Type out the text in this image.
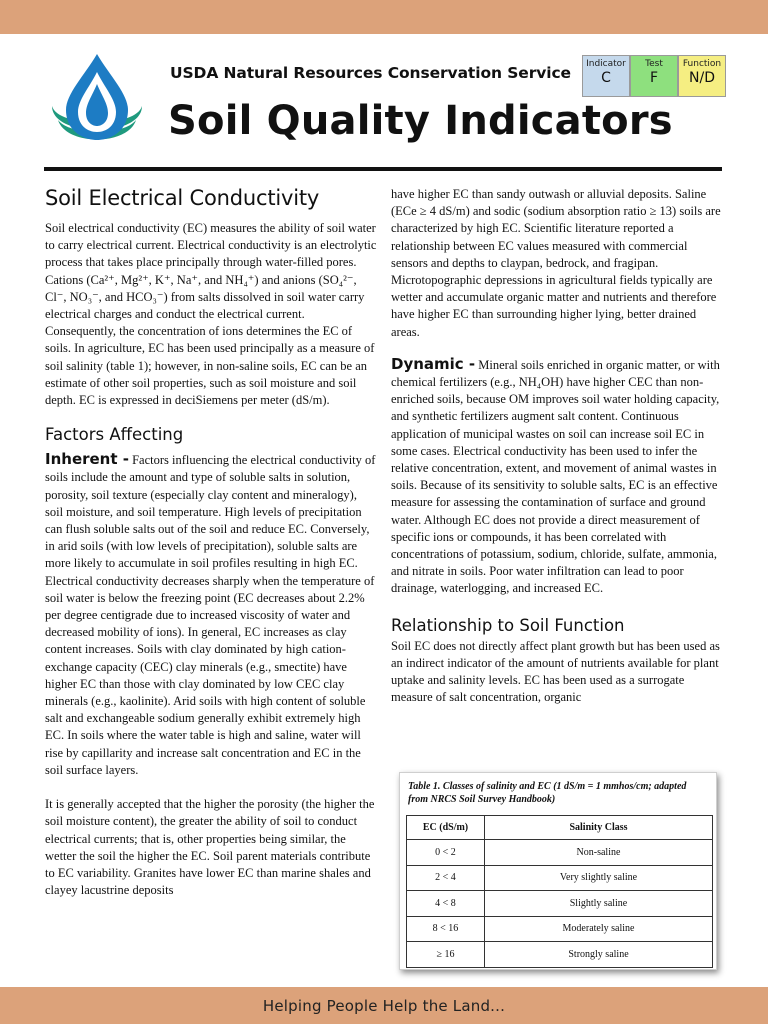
USDA Natural Resources Conservation Service
Soil Quality Indicators
Indicator
C
Test
F
Function
N/D
Soil Electrical Conductivity

Soil electrical conductivity (EC) measures the ability of soil water to carry electrical current. Electrical conductivity is an electrolytic process that takes place principally through water-filled pores. Cations (Ca²⁺, Mg²⁺, K⁺, Na⁺, and NH₄⁺) and anions (SO₄²⁻, Cl⁻, NO₃⁻, and HCO₃⁻) from salts dissolved in soil water carry electrical charges and conduct the electrical current. Consequently, the concentration of ions determines the EC of soils. In agriculture, EC has been used principally as a measure of soil salinity (table 1); however, in non-saline soils, EC can be an estimate of other soil properties, such as soil moisture and soil depth. EC is expressed in deciSiemens per meter (dS/m).

Factors Affecting

Inherent - Factors influencing the electrical conductivity of soils include the amount and type of soluble salts in solution, porosity, soil texture (especially clay content and mineralogy), soil moisture, and soil temperature. High levels of precipitation can flush soluble salts out of the soil and reduce EC. Conversely, in arid soils (with low levels of precipitation), soluble salts are more likely to accumulate in soil profiles resulting in high EC. Electrical conductivity decreases sharply when the temperature of soil water is below the freezing point (EC decreases about 2.2% per degree centigrade due to increased viscosity of water and decreased mobility of ions). In general, EC increases as clay content increases. Soils with clay dominated by high cation-exchange capacity (CEC) clay minerals (e.g., smectite) have higher EC than those with clay dominated by low CEC clay minerals (e.g., kaolinite). Arid soils with high content of soluble salt and exchangeable sodium generally exhibit extremely high EC. In soils where the water table is high and saline, water will rise by capillarity and increase salt concentration and EC in the soil surface layers.

It is generally accepted that the higher the porosity (the higher the soil moisture content), the greater the ability of soil to conduct electrical currents; that is, other properties being similar, the wetter the soil the higher the EC. Soil parent materials contribute to EC variability. Granites have lower EC than marine shales and clayey lacustrine deposits

have higher EC than sandy outwash or alluvial deposits. Saline (ECe ≥ 4 dS/m) and sodic (sodium absorption ratio ≥ 13) soils are characterized by high EC. Scientific literature reported a relationship between EC values measured with commercial sensors and depths to claypan, bedrock, and fragipan. Microtopographic depressions in agricultural fields typically are wetter and accumulate organic matter and nutrients and therefore have higher EC than surrounding higher lying, better drained areas.

Dynamic - Mineral soils enriched in organic matter, or with chemical fertilizers (e.g., NH₄OH) have higher CEC than non-enriched soils, because OM improves soil water holding capacity, and synthetic fertilizers augment salt content. Continuous application of municipal wastes on soil can increase soil EC in some cases. Electrical conductivity has been used to infer the relative concentration, extent, and movement of animal wastes in soils. Because of its sensitivity to soluble salts, EC is an effective measure for assessing the contamination of surface and ground water. Although EC does not provide a direct measurement of specific ions or compounds, it has been correlated with concentrations of potassium, sodium, chloride, sulfate, ammonia, and nitrate in soils. Poor water infiltration can lead to poor drainage, waterlogging, and increased EC.

Relationship to Soil Function

Soil EC does not directly affect plant growth but has been used as an indirect indicator of the amount of nutrients available for plant uptake and salinity levels. EC has been used as a surrogate measure of salt concentration, organic

Table 1. Classes of salinity and EC (1 dS/m = 1 mmhos/cm; adapted from NRCS Soil Survey Handbook)
EC (dS/m)	Salinity Class
0 < 2	Non-saline
2 < 4	Very slightly saline
4 < 8	Slightly saline
8 < 16	Moderately saline
≥ 16	Strongly saline
Helping People Help the Land...
